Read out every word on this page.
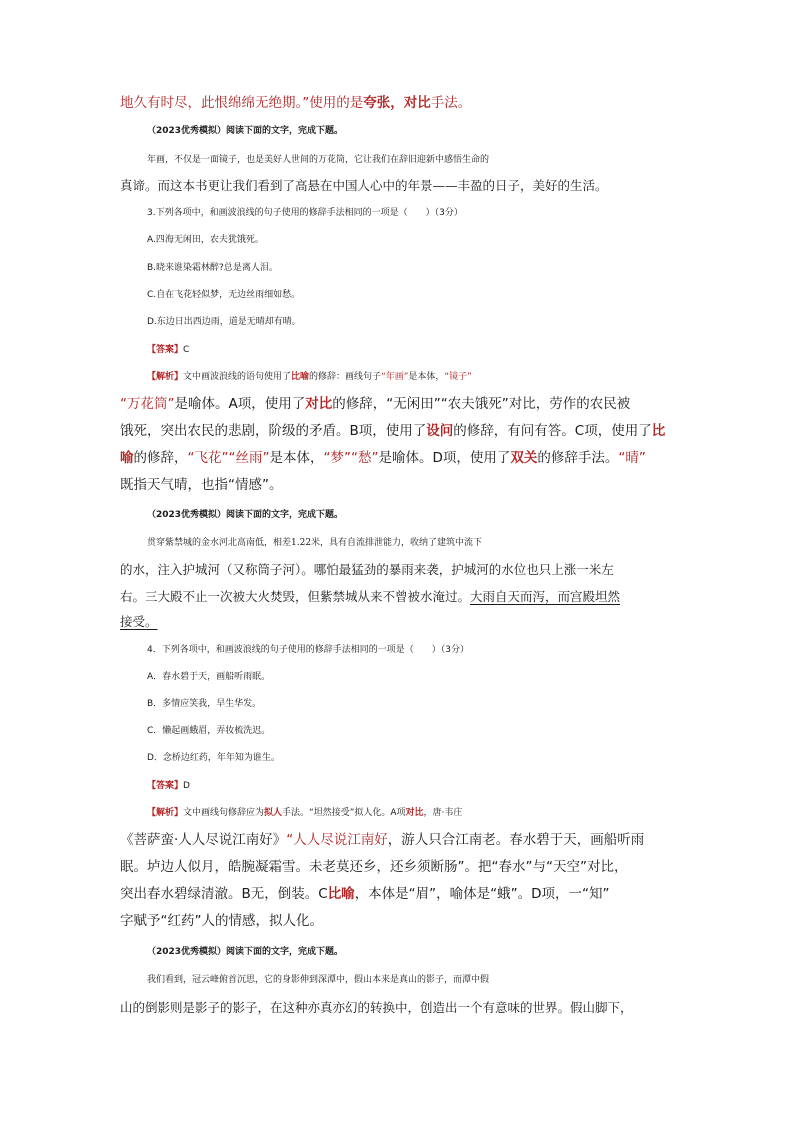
地久有时尽，此恨绵绵无绝期。”使用的是夸张，对比手法。
（2023优秀模拟）阅读下面的文字，完成下题。
年画，不仅是一面镜子，也是美好人世间的万花筒，它让我们在辞旧迎新中感悟生命的
真谛。而这本书更让我们看到了高悬在中国人心中的年景——丰盈的日子，美好的生活。
3.下列各项中，和画波浪线的句子使用的修辞手法相同的一项是（　　）（3分）
A.四海无闲田，农夫犹饿死。
B.晓来谁染霜林醉?总是离人泪。
C.自在飞花轻似梦，无边丝雨细如愁。
D.东边日出西边雨，道是无晴却有晴。
【答案】C
【解析】文中画波浪线的语句使用了比喻的修辞：画线句子“年画”是本体，“镜子”
“万花筒”是喻体。A项，使用了对比的修辞，“无闲田”“农夫饿死”对比，劳作的农民被
饿死，突出农民的悲剧，阶级的矛盾。B项，使用了设问的修辞，有问有答。C项，使用了比
喻的修辞，“飞花”“丝雨”是本体，“梦”“愁”是喻体。D项，使用了双关的修辞手法。“晴”
既指天气晴，也指“情感”。
（2023优秀模拟）阅读下面的文字，完成下题。
贯穿紫禁城的金水河北高南低，相差1.22米，具有自流排泄能力，收纳了建筑中流下
的水，注入护城河（又称筒子河）。哪怕最猛劲的暴雨来袭，护城河的水位也只上涨一米左
右。三大殿不止一次被大火焚毁，但紫禁城从来不曾被水淹过。大雨自天而泻，而宫殿坦然
接受。
4．下列各项中，和画波浪线的句子使用的修辞手法相同的一项是（　　）（3分）
A．春水碧于天，画船听雨眠。
B．多情应笑我，早生华发。
C．懒起画蛾眉，弄妆梳洗迟。
D．念桥边红药，年年知为谁生。
【答案】D
【解析】文中画线句修辞应为拟人手法。“坦然接受”拟人化。A项对比，唐·韦庄
《菩萨蛮·人人尽说江南好》“人人尽说江南好，游人只合江南老。春水碧于天，画船听雨
眠。垆边人似月，皓腕凝霜雪。未老莫还乡，还乡须断肠”。把“春水”与“天空”对比，
突出春水碧绿清澈。B无，倒装。C比喻，本体是“眉”，喻体是“蛾”。D项，一“知”
字赋予“红药”人的情感，拟人化。
（2023优秀模拟）阅读下面的文字，完成下题。
我们看到，冠云峰俯首沉思，它的身影伸到深潭中，假山本来是真山的影子，而潭中假
山的倒影则是影子的影子，在这种亦真亦幻的转换中，创造出一个有意味的世界。假山脚下，
